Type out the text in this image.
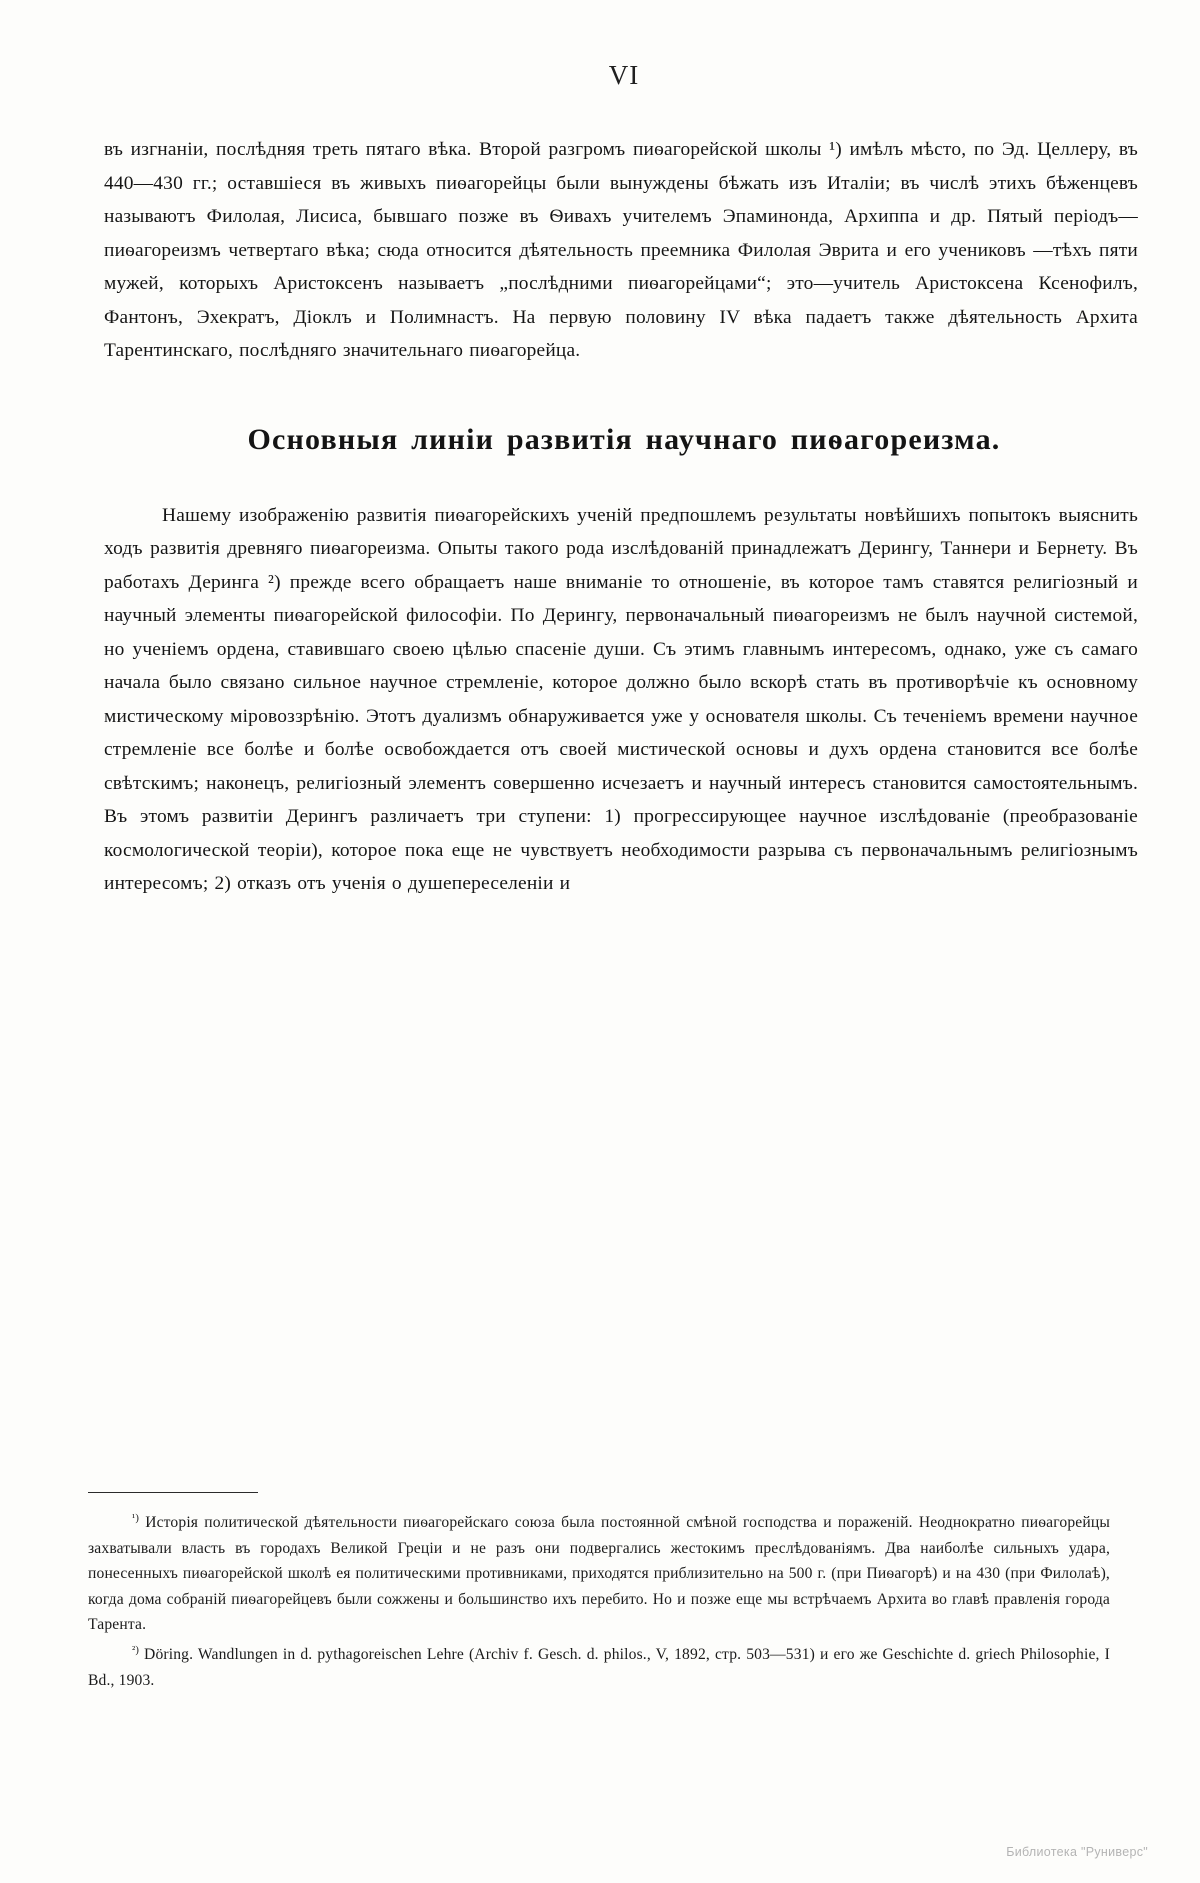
VI

въ изгнаніи, послѣдняя треть пятаго вѣка. Второй разгромъ пиѳагорейской школы ¹) имѣлъ мѣсто, по Эд. Целлеру, въ 440—430 гг.; оставшіеся въ живыхъ пиѳагорейцы были вынуждены бѣжать изъ Италіи; въ числѣ этихъ бѣженцевъ называютъ Филолая, Лисиса, бывшаго позже въ Ѳивахъ учителемъ Эпаминонда, Архиппа и др. Пятый періодъ—пиѳагореизмъ четвертаго вѣка; сюда относится дѣятельность преемника Филолая Эврита и его учениковъ —тѣхъ пяти мужей, которыхъ Аристоксенъ называетъ „послѣдними пиѳагорейцами“; это—учитель Аристоксена Ксенофилъ, Фантонъ, Эхекратъ, Діоклъ и Полимнастъ. На первую половину IV вѣка падаетъ также дѣятельность Архита Тарентинскаго, послѣдняго значительнаго пиѳагорейца.

Основныя линіи развитія научнаго пиѳагореизма.

Нашему изображенію развитія пиѳагорейскихъ ученій предпошлемъ результаты новѣйшихъ попытокъ выяснить ходъ развитія древняго пиѳагореизма. Опыты такого рода изслѣдованій принадлежатъ Дерингу, Таннери и Бернету. Въ работахъ Деринга ²) прежде всего обращаетъ наше вниманіе то отношеніе, въ которое тамъ ставятся религіозный и научный элементы пиѳагорейской философіи. По Дерингу, первоначальный пиѳагореизмъ не былъ научной системой, но ученіемъ ордена, ставившаго своею цѣлью спасеніе души. Съ этимъ главнымъ интересомъ, однако, уже съ самаго начала было связано сильное научное стремленіе, которое должно было вскорѣ стать въ противорѣчіе къ основному мистическому міровоззрѣнію. Этотъ дуализмъ обнаруживается уже у основателя школы. Съ теченіемъ времени научное стремленіе все болѣе и болѣе освобождается отъ своей мистической основы и духъ ордена становится все болѣе свѣтскимъ; наконецъ, религіозный элементъ совершенно исчезаетъ и научный интересъ становится самостоятельнымъ. Въ этомъ развитіи Дерингъ различаетъ три ступени: 1) прогрессирующее научное изслѣдованіе (преобразованіе космологической теоріи), которое пока еще не чувствуетъ необходимости разрыва съ первоначальнымъ религіознымъ интересомъ; 2) отказъ отъ ученія о душепереселеніи и

$^{^1)}$ Исторія политической дѣятельности пиѳагорейскаго союза была постоянной смѣной господства и пораженій. Неоднократно пиѳагорейцы захватывали власть въ городахъ Великой Греціи и не разъ они подвергались жестокимъ преслѣдованіямъ. Два наиболѣе сильныхъ удара, понесенныхъ пиѳагорейской школѣ ея политическими противниками, приходятся приблизительно на 500 г. (при Пиѳагорѣ) и на 430 (при Филолаѣ), когда дома собраній пиѳагорейцевъ были сожжены и большинство ихъ перебито. Но и позже еще мы встрѣчаемъ Архита во главѣ правленія города Тарента.

$^{^2)}$ Döring. Wandlungen in d. pythagoreischen Lehre (Archiv f. Gesch. d. philos., V, 1892, стр. 503—531) и его же Geschichte d. griech Philosophie, I Bd., 1903.

Библиотека "Руниверс"
